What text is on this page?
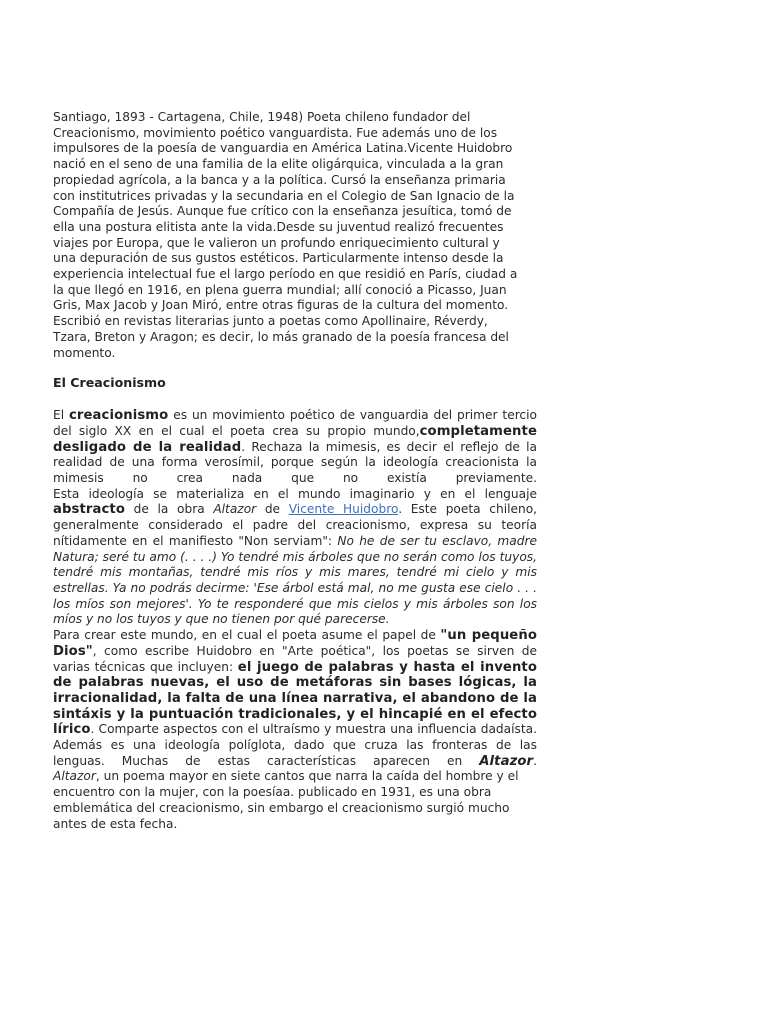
Santiago, 1893 - Cartagena, Chile, 1948) Poeta chileno fundador del

Creacionismo, movimiento poético vanguardista. Fue además uno de los

impulsores de la poesía de vanguardia en América Latina.Vicente Huidobro

nació en el seno de una familia de la elite oligárquica, vinculada a la gran

propiedad agrícola, a la banca y a la política. Cursó la enseñanza primaria

con institutrices privadas y la secundaria en el Colegio de San Ignacio de la

Compañía de Jesús. Aunque fue crítico con la enseñanza jesuítica, tomó de

ella una postura elitista ante la vida.Desde su juventud realizó frecuentes

viajes por Europa, que le valieron un profundo enriquecimiento cultural y

una depuración de sus gustos estéticos. Particularmente intenso desde la

experiencia intelectual fue el largo período en que residió en París, ciudad a

la que llegó en 1916, en plena guerra mundial; allí conoció a Picasso, Juan

Gris, Max Jacob y Joan Miró, entre otras figuras de la cultura del momento.

Escribió en revistas literarias junto a poetas como Apollinaire, Réverdy,

Tzara, Breton y Aragon; es decir, lo más granado de la poesía francesa del

momento.

El Creacionismo

El creacionismo es un movimiento poético de vanguardia del primer tercio del siglo XX en el cual el poeta crea su propio mundo,completamente desligado de la realidad. Rechaza la mimesis, es decir el reflejo de la realidad de una forma verosímil, porque según la ideología creacionista la mimesis no crea nada que no existía previamente.

Esta ideología se materializa en el mundo imaginario y en el lenguaje abstracto de la obra Altazor de Vicente Huidobro. Este poeta chileno, generalmente considerado el padre del creacionismo, expresa su teoría nítidamente en el manifiesto "Non serviam": No he de ser tu esclavo, madre Natura; seré tu amo (. . . .) Yo tendré mis árboles que no serán como los tuyos, tendré mis montañas, tendré mis ríos y mis mares, tendré mi cielo y mis estrellas. Ya no podrás decirme: 'Ese árbol está mal, no me gusta ese cielo . . . los míos son mejores'. Yo te responderé que mis cielos y mis árboles son los míos y no los tuyos y que no tienen por qué parecerse.

Para crear este mundo, en el cual el poeta asume el papel de "un pequeño Dios", como escribe Huidobro en "Arte poética", los poetas se sirven de varias técnicas que incluyen: el juego de palabras y hasta el invento de palabras nuevas, el uso de metáforas sin bases lógicas, la irracionalidad, la falta de una línea narrativa, el abandono de la sintáxis y la puntuación tradicionales, y el hincapié en el efecto lírico. Comparte aspectos con el ultraísmo y muestra una influencia dadaísta. Además es una ideología políglota, dado que cruza las fronteras de las lenguas. Muchas de estas características aparecen en Altazor.

Altazor, un poema mayor en siete cantos que narra la caída del hombre y el encuentro con la mujer, con la poesíaa. publicado en 1931, es una obra emblemática del creacionismo, sin embargo el creacionismo surgió mucho antes de esta fecha.
